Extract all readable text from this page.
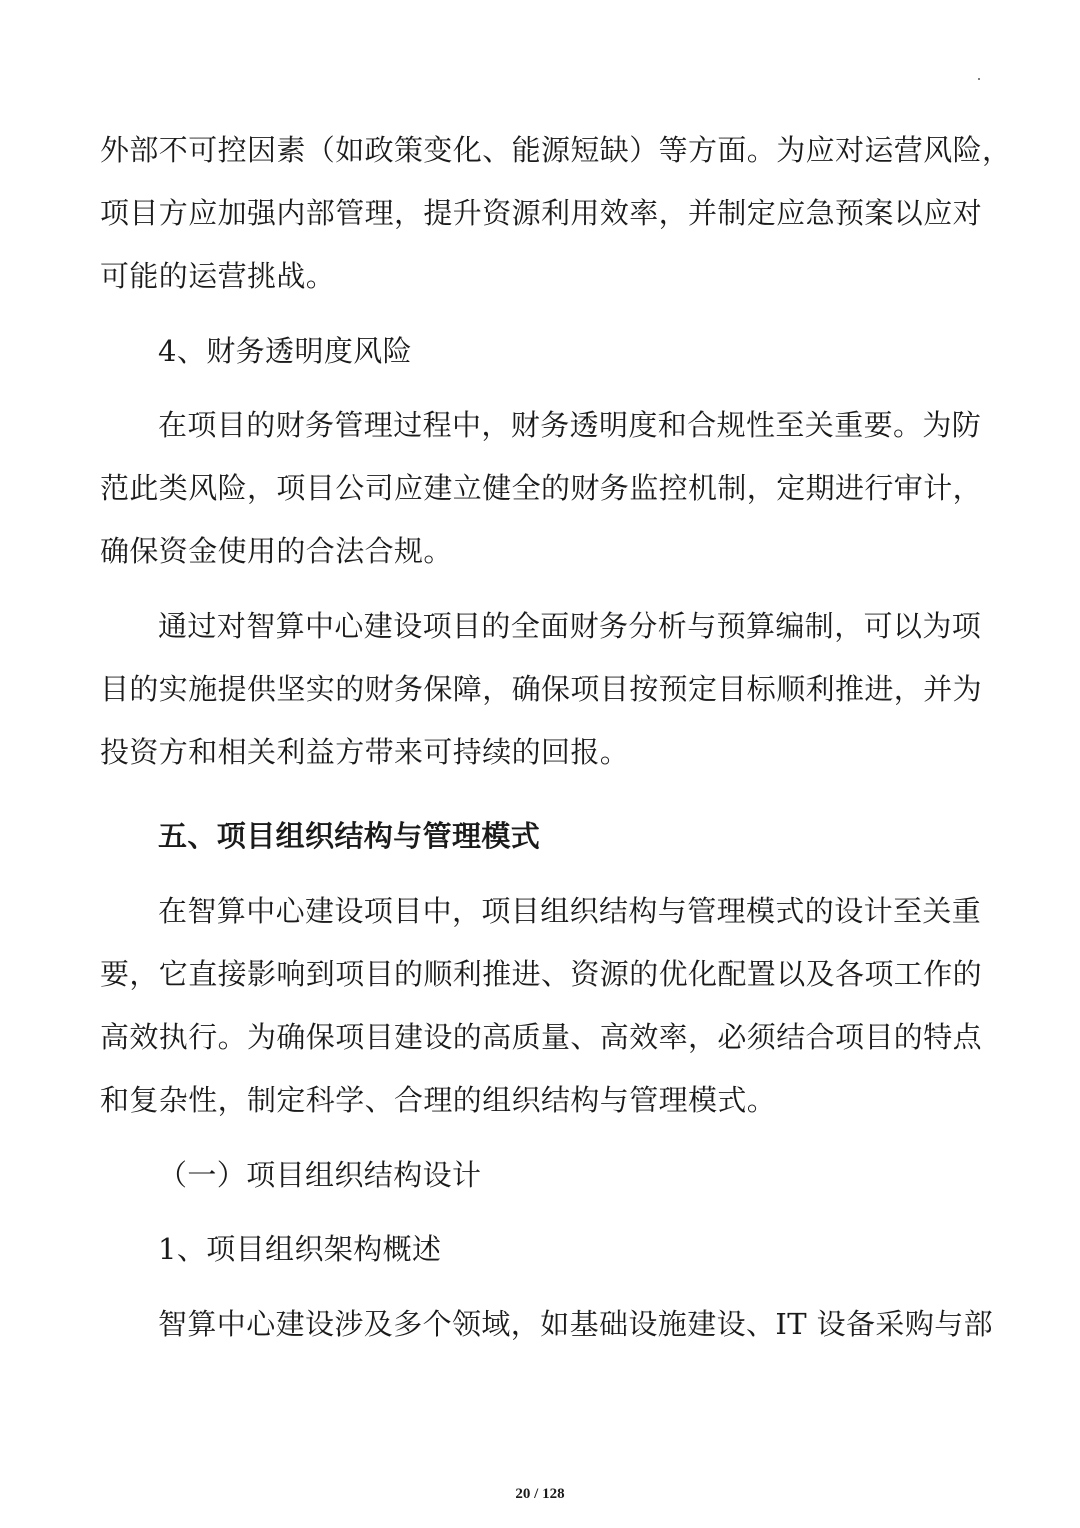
外部不可控因素（如政策变化、能源短缺）等方面。为应对运营风险，
项目方应加强内部管理，提升资源利用效率，并制定应急预案以应对
可能的运营挑战。
4、财务透明度风险
在项目的财务管理过程中，财务透明度和合规性至关重要。为防
范此类风险，项目公司应建立健全的财务监控机制，定期进行审计，
确保资金使用的合法合规。
通过对智算中心建设项目的全面财务分析与预算编制，可以为项
目的实施提供坚实的财务保障，确保项目按预定目标顺利推进，并为
投资方和相关利益方带来可持续的回报。
五、项目组织结构与管理模式
在智算中心建设项目中，项目组织结构与管理模式的设计至关重
要，它直接影响到项目的顺利推进、资源的优化配置以及各项工作的
高效执行。为确保项目建设的高质量、高效率，必须结合项目的特点
和复杂性，制定科学、合理的组织结构与管理模式。
（一）项目组织结构设计
1、项目组织架构概述
智算中心建设涉及多个领域，如基础设施建设、IT 设备采购与部
20 / 128
